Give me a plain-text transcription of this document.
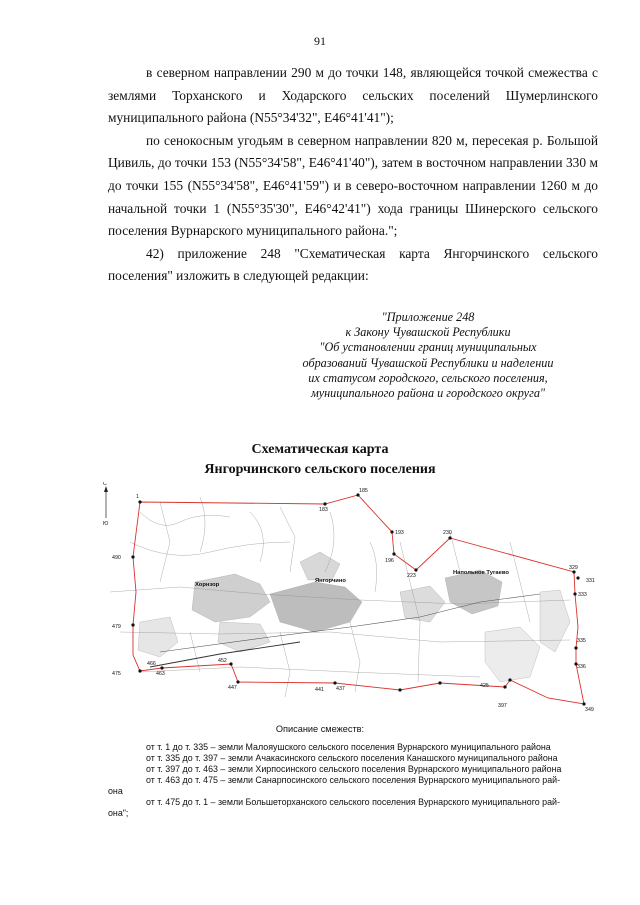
91

в северном направлении 290 м до точки 148, являющейся точкой смежества с землями Торханского и Ходарского сельских поселений Шумерлинского муниципального района (N55°34'32", E46°41'41");

по сенокосным угодьям в северном направлении 820 м, пересекая р. Большой Цивиль, до точки 153 (N55°34'58", E46°41'40"), затем в восточном направлении 330 м до точки 155 (N55°34'58", E46°41'59") и в северо-восточном направлении 1260 м до начальной точки 1 (N55°35'30", E46°42'41") хода границы Шинерского сельского поселения Вурнарского муниципального района.";

42) приложение 248 "Схематическая карта Янгорчинского сельского поселения" изложить в следующей редакции:

"Приложение 248
к Закону Чувашской Республики
"Об установлении границ муниципальных
образований Чувашской Республики и наделении
их статусом городского, сельского поселения,
муниципального района и городского округа"
Схематическая карта
Янгорчинского сельского поселения
С
Ю
1
183
185
193
196
223
230
329
331
333
335
336
349
397
425
437
441
447
452
463
466
475
479
490
Хорнзор
Янгорчино
Напольное Тугаево
Описание смежеств:
от т. 1 до т. 335 – земли Малояушского сельского поселения Вурнарского муниципального района
от т. 335 до т. 397 – земли Ачакасинского сельского поселения Канашского муниципального района
от т. 397 до т. 463 – земли Хирпосинского сельского поселения Вурнарского муниципального района
от т. 463 до т. 475 – земли Санарпосинского сельского поселения Вурнарского муниципального рай-
она
от т. 475 до т. 1 – земли Большеторханского сельского поселения Вурнарского муниципального рай-
она";
